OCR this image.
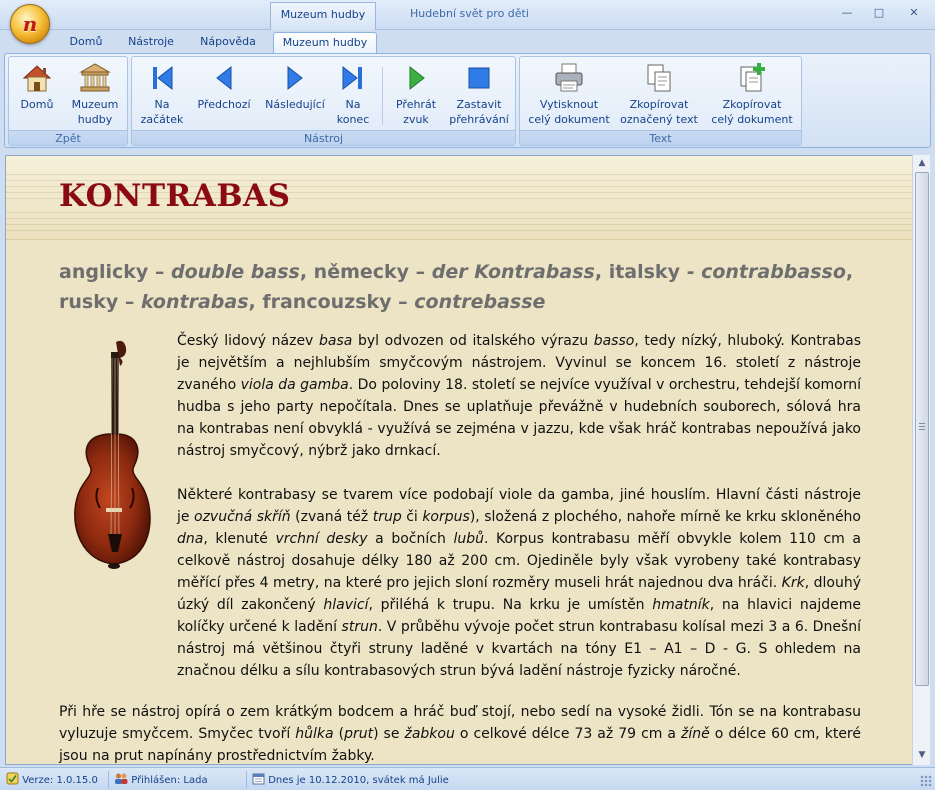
Muzeum hudby	Hudební svět pro děti	—	□	✕
n
Domů	Nástroje	Nápověda	Muzeum hudby
Domů	Muzeum
hudby
Zpět
Na
začátek
Předchozí	Následující	Na
konec
Přehrát
zvuk
Zastavit
přehrávání
Nástroj
Vytisknout
celý dokument
Zkopírovat
označený text
Zkopírovat
celý dokument
Text
KONTRABAS
anglicky – double bass, německy – der Kontrabass, italsky - contrabbasso, rusky – kontrabas, francouzsky – contrebasse
Český lidový název basa byl odvozen od italského výrazu basso, tedy nízký, hluboký. Kontrabas je největším a nejhlubším smyčcovým nástrojem. Vyvinul se koncem 16. století z nástroje zvaného viola da gamba. Do poloviny 18. století se nejvíce využíval v orchestru, tehdejší komorní hudba s jeho party nepočítala. Dnes se uplatňuje převážně v hudebních souborech, sólová hra na kontrabas není obvyklá - využívá se zejména v jazzu, kde však hráč kontrabas nepoužívá jako nástroj smyčcový, nýbrž jako drnkací.
Některé kontrabasy se tvarem více podobají viole da gamba, jiné houslím. Hlavní části nástroje je ozvučná skříň (zvaná též trup či korpus), složená z plochého, nahoře mírně ke krku skloněného dna, klenuté vrchní desky a bočních lubů. Korpus kontrabasu měří obvykle kolem 110 cm a celkově nástroj dosahuje délky 180 až 200 cm. Ojediněle byly však vyrobeny také kontrabasy měřící přes 4 metry, na které pro jejich sloní rozměry museli hrát najednou dva hráči. Krk, dlouhý úzký díl zakončený hlavicí, přiléhá k trupu. Na krku je umístěn hmatník, na hlavici najdeme kolíčky určené k ladění strun. V průběhu vývoje počet strun kontrabasu kolísal mezi 3 a 6. Dnešní nástroj má většinou čtyři struny laděné v kvartách na tóny E1 – A1 – D - G. S ohledem na značnou délku a sílu kontrabasových strun bývá ladění nástroje fyzicky náročné.
Při hře se nástroj opírá o zem krátkým bodcem a hráč buď stojí, nebo sedí na vysoké židli. Tón se na kontrabasu vyluzuje smyčcem. Smyčec tvoří hůlka (prut) se žabkou o celkové délce 73 až 79 cm a žíně o délce 60 cm, které jsou na prut napínány prostřednictvím žabky.
▲
▼
Verze: 1.0.15.0	Přihlášen: Lada	Dnes je 10.12.2010, svátek má Julie
